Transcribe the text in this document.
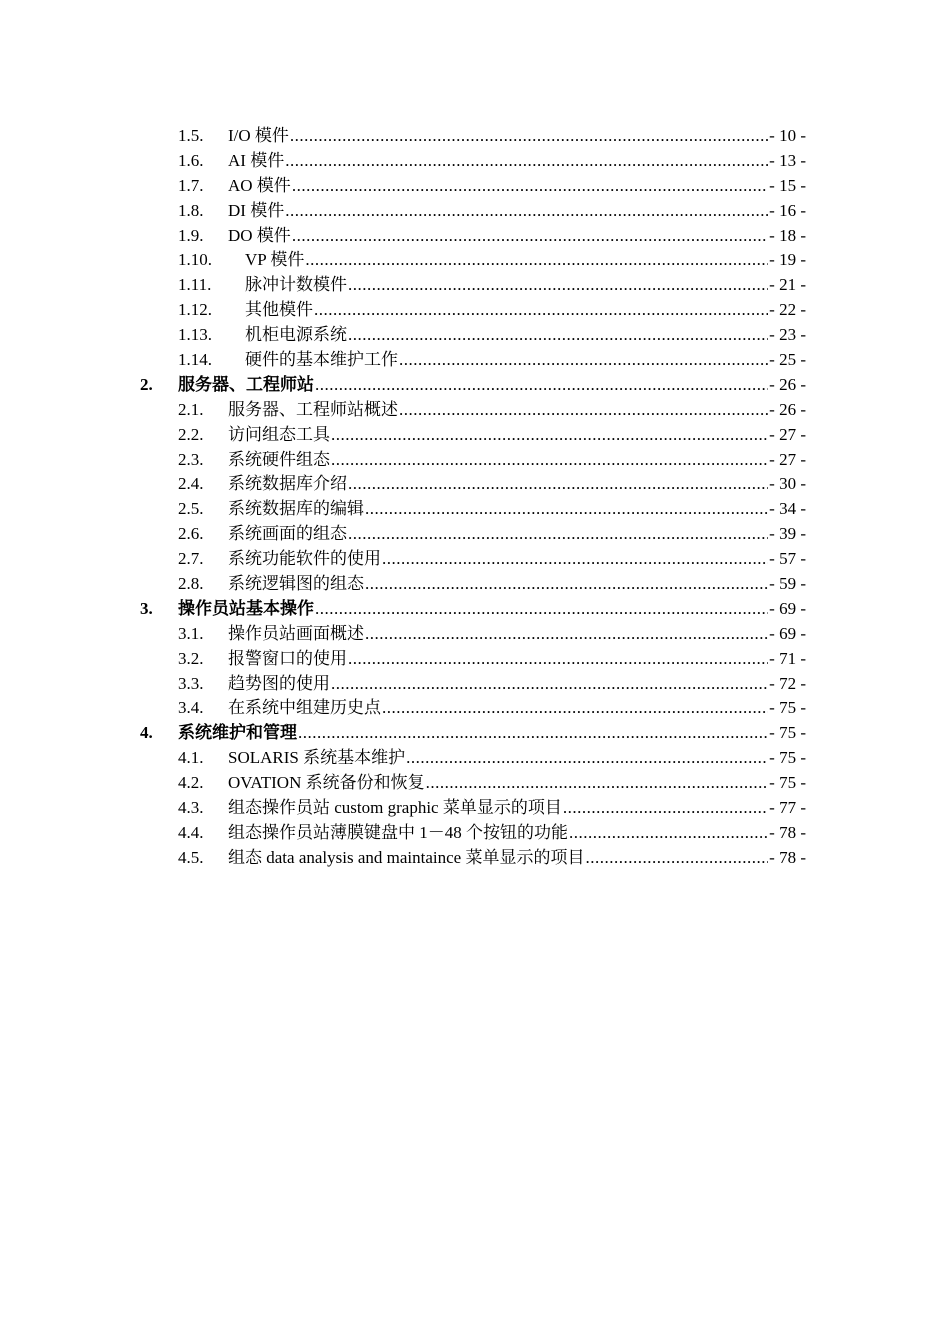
1.5.	I/O 模件 .....	- 10 -
1.6.	AI 模件 .....	- 13 -
1.7.	AO 模件 .....	- 15 -
1.8.	DI 模件 .....	- 16 -
1.9.	DO 模件 .....	- 18 -
1.10.	VP 模件 .....	- 19 -
1.11.	脉冲计数模件 .....	- 21 -
1.12.	其他模件 .....	- 22 -
1.13.	机柜电源系统 .....	- 23 -
1.14.	硬件的基本维护工作 .....	- 25 -
2.	服务器、工程师站 .....	- 26 -
2.1.	服务器、工程师站概述 .....	- 26 -
2.2.	访问组态工具 .....	- 27 -
2.3.	系统硬件组态 .....	- 27 -
2.4.	系统数据库介绍 .....	- 30 -
2.5.	系统数据库的编辑 .....	- 34 -
2.6.	系统画面的组态 .....	- 39 -
2.7.	系统功能软件的使用 .....	- 57 -
2.8.	系统逻辑图的组态 .....	- 59 -
3.	操作员站基本操作 .....	- 69 -
3.1.	操作员站画面概述 .....	- 69 -
3.2.	报警窗口的使用 .....	- 71 -
3.3.	趋势图的使用 .....	- 72 -
3.4.	在系统中组建历史点 .....	- 75 -
4.	系统维护和管理 .....	- 75 -
4.1.	SOLARIS 系统基本维护 .....	- 75 -
4.2.	OVATION 系统备份和恢复 .....	- 75 -
4.3.	组态操作员站 custom graphic 菜单显示的项目 .....	- 77 -
4.4.	组态操作员站薄膜键盘中 1－48 个按钮的功能 .....	- 78 -
4.5.	组态 data analysis and maintaince 菜单显示的项目 .....	- 78 -
